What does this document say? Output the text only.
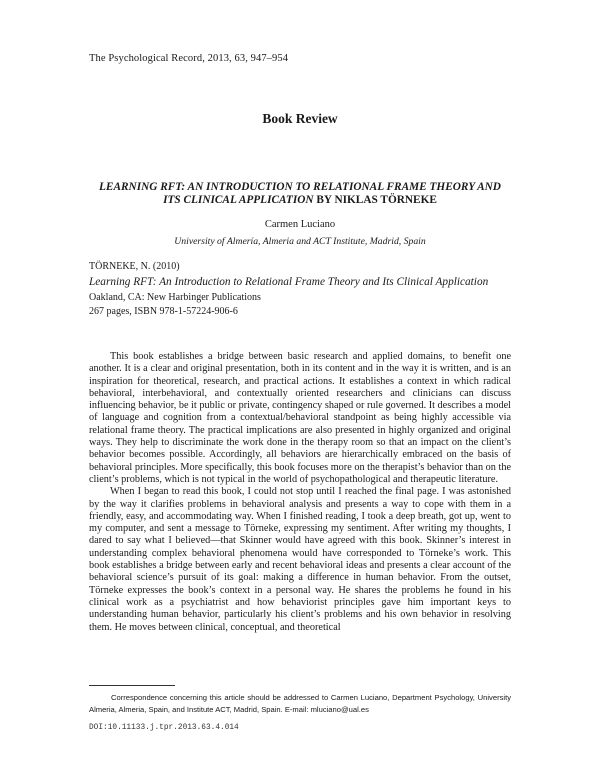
The Psychological Record, 2013, 63, 947–954
Book Review
LEARNING RFT: AN INTRODUCTION TO RELATIONAL FRAME THEORY AND ITS CLINICAL APPLICATION BY NIKLAS TÖRNEKE
Carmen Luciano
University of Almería, Almeria and ACT Institute, Madrid, Spain
TÖRNEKE, N. (2010)
Learning RFT: An Introduction to Relational Frame Theory and Its Clinical Application
Oakland, CA: New Harbinger Publications
267 pages, ISBN 978-1-57224-906-6

This book establishes a bridge between basic research and applied domains, to benefit one another. It is a clear and original presentation, both in its content and in the way it is written, and is an inspiration for theoretical, research, and practical actions. It establishes a context in which radical behavioral, interbehavioral, and contextually oriented researchers and clinicians can discuss influencing behavior, be it public or private, contingency shaped or rule governed. It describes a model of language and cognition from a contextual/behavioral standpoint as being highly accessible via relational frame theory. The practical implications are also presented in highly organized and original ways. They help to discriminate the work done in the therapy room so that an impact on the client’s behavior becomes possible. Accordingly, all behaviors are hierarchically embraced on the basis of behavioral principles. More specifically, this book focuses more on the therapist’s behavior than on the client’s problems, which is not typical in the world of psychopathological and therapeutic literature.

When I began to read this book, I could not stop until I reached the final page. I was astonished by the way it clarifies problems in behavioral analysis and presents a way to cope with them in a friendly, easy, and accommodating way. When I finished reading, I took a deep breath, got up, went to my computer, and sent a message to Törneke, expressing my sentiment. After writing my thoughts, I dared to say what I believed—that Skinner would have agreed with this book. Skinner’s interest in understanding complex behavioral phenomena would have corresponded to Törneke’s work. This book establishes a bridge between early and recent behavioral ideas and presents a clear account of the behavioral science’s pursuit of its goal: making a difference in human behavior. From the outset, Törneke expresses the book’s context in a personal way. He shares the problems he found in his clinical work as a psychiatrist and how behaviorist principles gave him important keys to understanding human behavior, particularly his client’s problems and his own behavior in resolving them. He moves between clinical, conceptual, and theoretical

Correspondence concerning this article should be addressed to Carmen Luciano, Department Psychology, University Almeria, Almeria, Spain, and Institute ACT, Madrid, Spain. E-mail: mluciano@ual.es

DOI:10.11133.j.tpr.2013.63.4.014
